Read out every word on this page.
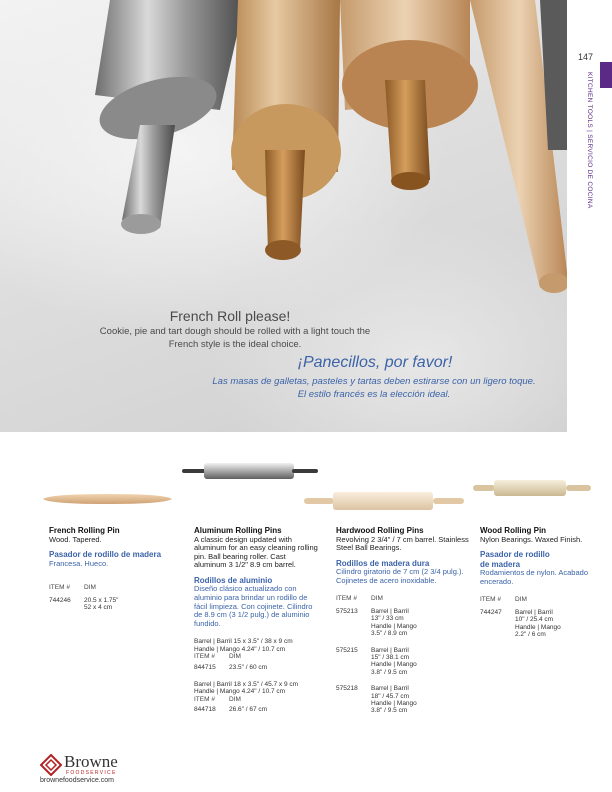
French Roll please!
Cookie, pie and tart dough should be rolled with a light touch the French style is the ideal choice.
¡Panecillos, por favor!
Las masas de galletas, pasteles y tartas deben estirarse con un ligero toque. El estilo francés es la elección ideal.
147
KITCHEN TOOLS | SERVICIO DE COCINA
French Rolling Pin
Wood. Tapered.
Pasador de rodillo de madera
Francesa. Hueco.
ITEM # DIM
744246	20.5 x 1.75"
52 x 4 cm
Aluminum Rolling Pins
A classic design updated with aluminum for an easy cleaning rolling pin. Ball bearing roller. Cast aluminum 3 1/2" 8.9 cm barrel.
Rodillos de aluminio
Diseño clásico actualizado con aluminio para brindar un rodillo de fácil limpieza. Con cojinete. Cilindro de 8.9 cm (3 1/2 pulg.) de aluminio fundido.
Barrel | Barril 15 x 3.5" / 38 x 9 cm
Handle | Mango 4.24" / 10.7 cm
ITEM # DIM
844715	23.5" / 60 cm
Barrel | Barril 18 x 3.5" / 45.7 x 9 cm
Handle | Mango 4.24" / 10.7 cm
ITEM # DIM
844718	26.6" / 67 cm
Hardwood Rolling Pins
Revolving 2 3/4" / 7 cm barrel. Stainless Steel Ball Bearings.
Rodillos de madera dura
Cilindro giratorio de 7 cm (2 3/4 pulg.). Cojinetes de acero inoxidable.
ITEM # DIM
575213	Barrel | Barril
13" / 33 cm
Handle | Mango
3.5" / 8.9 cm
575215	Barrel | Barril
15" / 38.1 cm
Handle | Mango
3.8" / 9.5 cm
575218	Barrel | Barril
18" / 45.7 cm
Handle | Mango
3.8" / 9.5 cm
Wood Rolling Pin
Nylon Bearings. Waxed Finish.
Pasador de rodillo de madera
Rodamientos de nylon. Acabado encerado.
ITEM # DIM
744247	Barrel | Barril
10" / 25.4 cm
Handle | Mango
2.2" / 6 cm
Browne
FOODSERVICE
brownefoodservice.com
